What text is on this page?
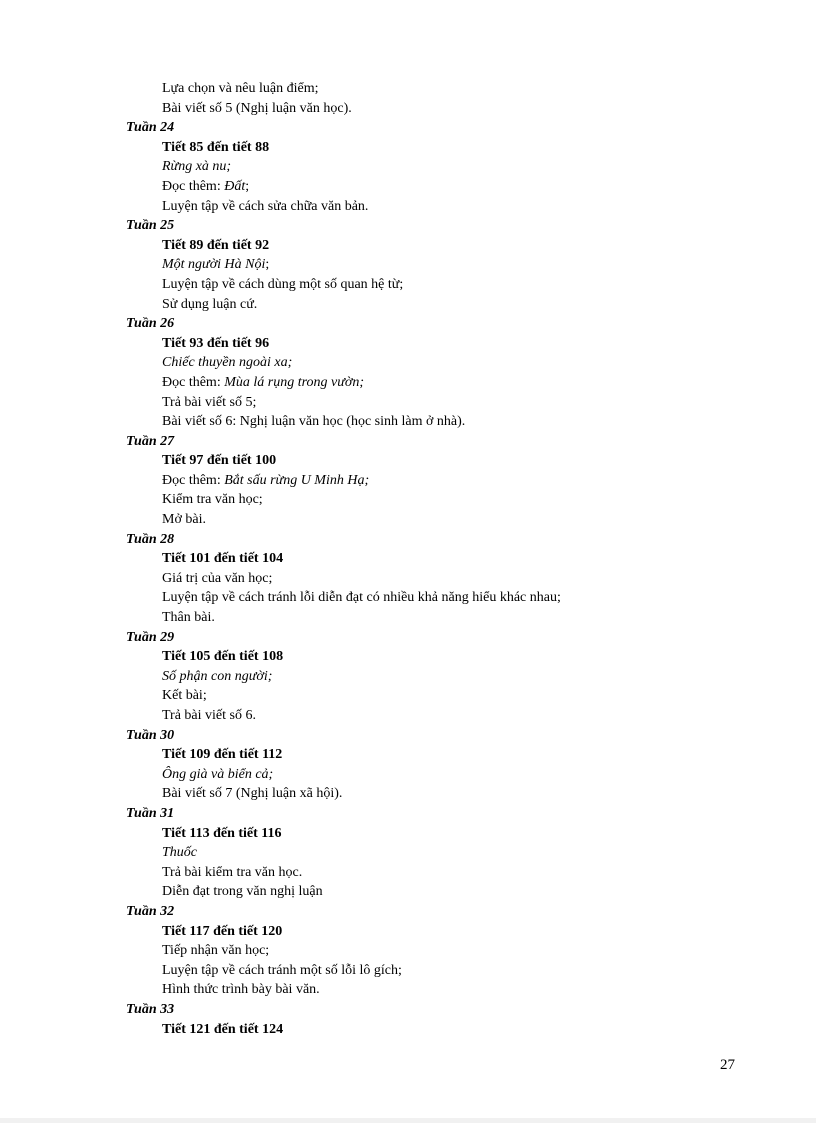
Lựa chọn và nêu luận điểm;
Bài viết số 5 (Nghị luận văn học).
Tuần 24
Tiết 85 đến tiết 88
Rừng xà nu;
Đọc thêm: Đất;
Luyện tập về cách sửa chữa văn bản.
Tuần 25
Tiết 89 đến tiết 92
Một người Hà Nội;
Luyện tập về cách dùng một số quan hệ từ;
Sử dụng luận cứ.
Tuần 26
Tiết 93 đến tiết 96
Chiếc thuyền ngoài xa;
Đọc thêm: Mùa lá rụng trong vườn;
Trả bài viết số 5;
Bài viết số 6: Nghị luận văn học (học sinh làm ở nhà).
Tuần 27
Tiết 97 đến tiết 100
Đọc thêm: Bắt sấu rừng U Minh Hạ;
Kiểm tra văn học;
Mở bài.
Tuần 28
Tiết 101 đến tiết 104
Giá trị của văn học;
Luyện tập về cách tránh lỗi diễn đạt có nhiều khả năng hiểu khác nhau;
Thân bài.
Tuần 29
Tiết 105 đến tiết 108
Số phận con người;
Kết bài;
Trả bài viết số 6.
Tuần 30
Tiết 109 đến tiết 112
Ông già và biển cả;
Bài viết số 7 (Nghị luận xã hội).
Tuần 31
Tiết 113 đến tiết 116
Thuốc
Trả bài kiểm tra văn học.
Diễn đạt trong văn nghị luận
Tuần 32
Tiết 117 đến tiết 120
Tiếp nhận văn học;
Luyện tập về cách tránh một số lỗi lô gích;
Hình thức trình bày bài văn.
Tuần 33
Tiết 121 đến tiết 124
27
